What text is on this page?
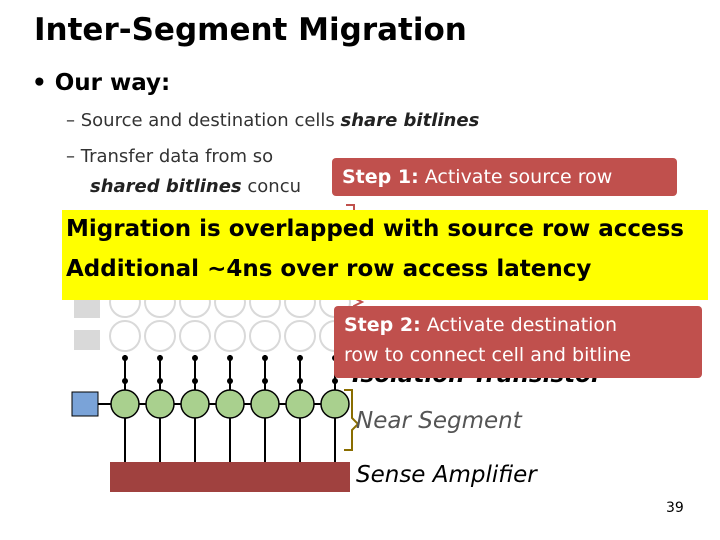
Inter-Segment Migration
• Our way:
– Source and destination cells share bitlines
– Transfer data from so
shared bitlines concu	Step 1: Activate source row
Migration is overlapped with source row access
Additional ~4ns over row access latency
Step 2: Activate destination
row to connect cell and bitline
Near Segment
Sense Amplifier
39
